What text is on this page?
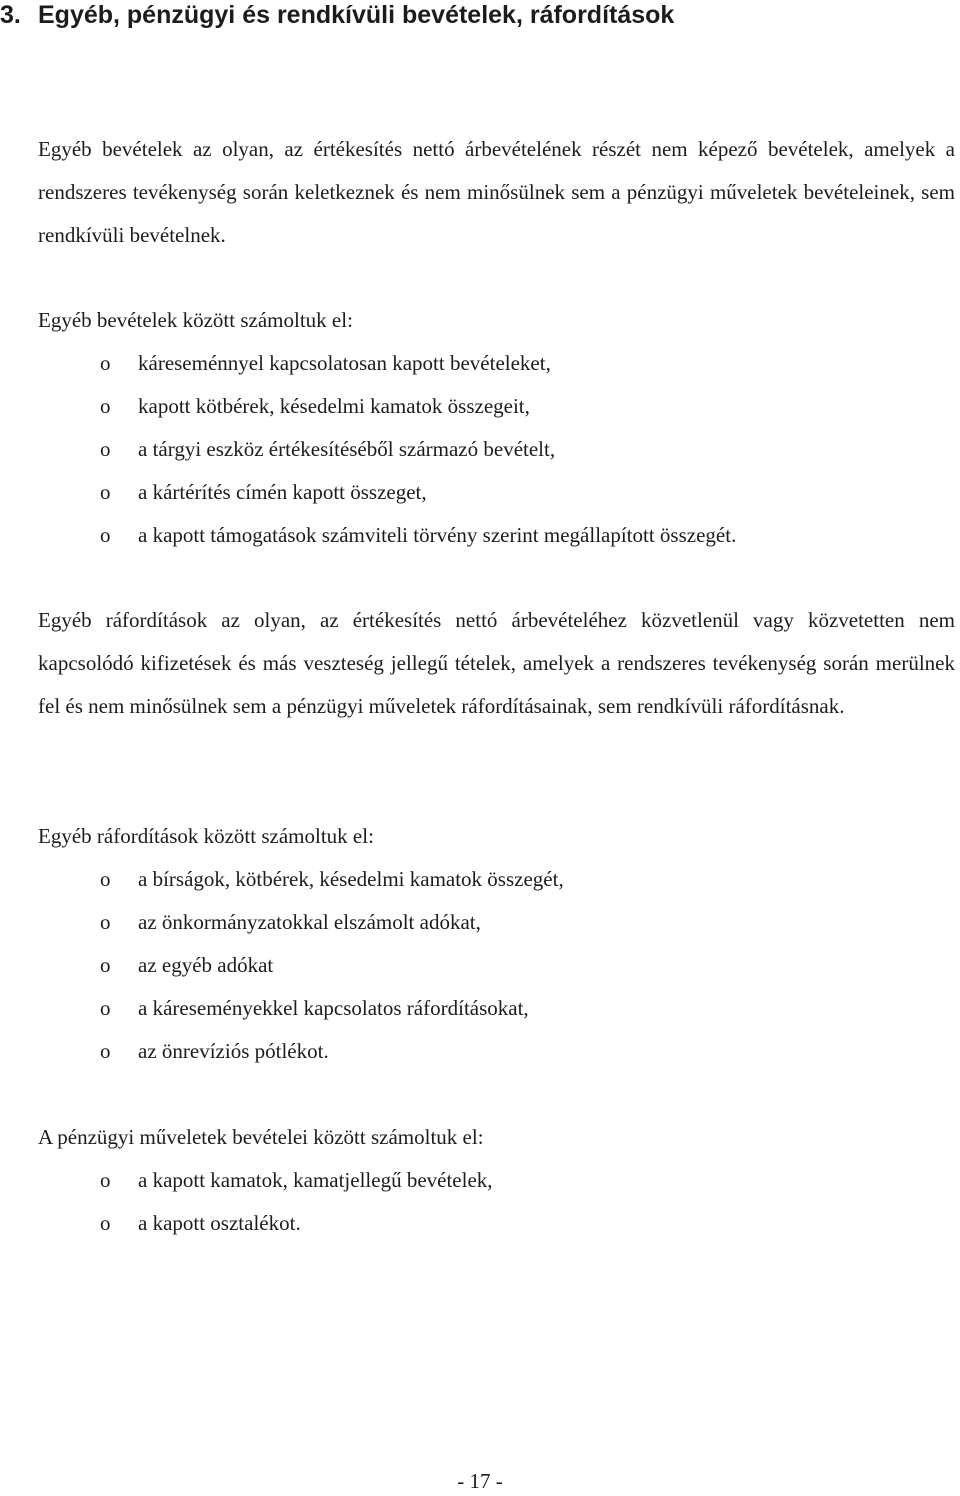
3. Egyéb, pénzügyi és rendkívüli bevételek, ráfordítások

Egyéb bevételek az olyan, az értékesítés nettó árbevételének részét nem képező bevételek, amelyek a rendszeres tevékenység során keletkeznek és nem minősülnek sem a pénzügyi műveletek bevételeinek, sem rendkívüli bevételnek.

Egyéb bevételek között számoltuk el:

o káreseménnyel kapcsolatosan kapott bevételeket,
o kapott kötbérek, késedelmi kamatok összegeit,
o a tárgyi eszköz értékesítéséből származó bevételt,
o a kártérítés címén kapott összeget,
o a kapott támogatások számviteli törvény szerint megállapított összegét.

Egyéb ráfordítások az olyan, az értékesítés nettó árbevételéhez közvetlenül vagy közvetetten nem kapcsolódó kifizetések és más veszteség jellegű tételek, amelyek a rendszeres tevékenység során merülnek fel és nem minősülnek sem a pénzügyi műveletek ráfordításainak, sem rendkívüli ráfordításnak.

Egyéb ráfordítások között számoltuk el:

o a bírságok, kötbérek, késedelmi kamatok összegét,
o az önkormányzatokkal elszámolt adókat,
o az egyéb adókat
o a káreseményekkel kapcsolatos ráfordításokat,
o az önrevíziós pótlékot.

A pénzügyi műveletek bevételei között számoltuk el:

o a kapott kamatok, kamatjellegű bevételek,
o a kapott osztalékot.
- 17 -
